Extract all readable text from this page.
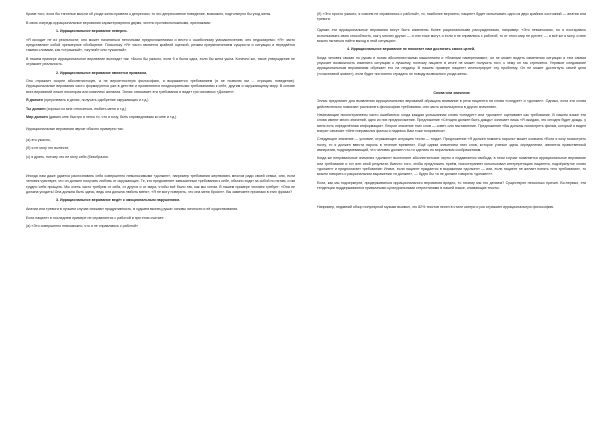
Кроме того, если бы тяготные мысли об уходе жены привели к депрессии, то это депрессивное поведение, возможно, подтолкнуло бы уход жены.

В свою очередь иррациональные верования характеризуются двумя, честно противоположными, признаками:

1. Иррациональное верование неверно.

«Я исходит не из реальности; оно может начинаться неточными предположениями и вести к ошибочному умозаключению; оно недоказуемо; «Я» часто представляет собой чрезмерное обобщение. Поскольку «Я» часто является крайней оценкой, резким преувеличением сущности и ситуации и передаётся такими словами, как «страшный», «жуткий» или «ужасный».

В нашем примере иррациональное верование выглядит так: «Было бы ужасно, если б я была одна, если бы жена ушла. Конечно же, такое утверждение не отражает реальность.

2. Иррациональное верование является приказом.

Оно отражает скорее абсолютистскую, а не вероятностную философию, и выражается требованием (я не позволю им ... отрицать поведение). Иррациональные верования часто формируются уже в детстве и проявляются неоднократными требованиями к себе, другим и окружающему миру. В основе всех верований лежит некоторая или комплекс желания. Эллис описывает эти требования и видит три основных «Должен»:

Я должен (преуспевать в делах, получать одобрение окружающих и т.д.)

Ты должен (хорошо ко мне относиться, любить меня и т.д.)

Мир должен (давать мне быстро и легко то, что я хочу, быть справедливым ко мне и т.д.)

Иррациональные верования звучат обычно примерно так:

(а) это ужасно,

(б) я не могу это вынести,

(с) я дрянь, потому что не могу себя (безобразно.

Иногда нам даже удается распознавать себя совершенно невыносимыми «должен», например требования жертвовать многим ради своей семьи, или, если человек чувствует, что он должен получать любовь от окружающих. Те, кто предъявляет завышенные требования к себе, обычно ходят за собой по пятам, и им трудно себя прощать. Мы очень часто требуем от себя, от других и от мира, чтобы всё было так, как мы хотим. В нашем примере человек требует: «Она не должна уходить! Она должна быть здесь, ведь она должна любить меня», «Я не могу поверить, что она меня бросит». Вы замечаете признаки в этих фразах?

3. Иррациональное верование ведёт к эмоциональным нарушениям.

Апатии или тревоги в лучшем случае снижают продуктивность, в худшем вконец рушат основы личности и её существования.

Если пациент в последнем примере не справляется с работой и при этом считает:

(а) «Это совершенно невозможно, что я не справляюсь с работой»

(б) «Это просто ужасно, я совсем не справляюсь с работой», то, наиболее вероятно, пациент будет испытывать одно из двух крайних состояний — апатии или тревоги.

Однако эти иррациональные верования могут быть изменены более рациональными рассуждениями, например: «Это невыносимо, но я постараюсь использовать свою способность, как у многих других — и они тоже могут, и если я не справлюсь с работой, то от этого мир не рухнет; — и всё же я могу, и мне можно пытаться найти выход в этой ситуации».

4. Иррациональное верование не помогает нам достигать своих целей.

Когда человек связан по рукам и ногам абсолютистскими мышлением и «благими намерениями», он не может видеть изменения ситуации и тем самым упускает возможность изменить ситуацию к лучшему, поэтому пациент в итоге не может получить того, к чему он так стремится. Упрямое следование иррациональным верованиям обрекает его на неудачу. В нашем примере пациент иллюстрирует эту проблему. Он не может достигнуть своей цели («счастливой жизни»), если будет постоянно страдать по поводу возможного ухода жены.

Слова или значения

Эллис предлагает для выявления иррациональных верований обращать внимание в речи пациента на слова «следует» и «должен». Однако, если эти слова действительно помогают распознать философию требования, они часто используются в других значениях.

Начинающие психотерапевты часто ошибаются: когда каждая услышанная слово «следует» или «должен» оценивают как требование. В нашем языке эти слова имеют много значений, одно из них предположение. Предложение «Сегодня должен быть дождь» означает лишь «Я ожидаю, что сегодня будет дождь, у меня есть определённая информация». Второе значение этих слов — совет, или наставление. Предложение «Вы должны посмотреть фильм, который я видел вчера» означает «Мне понравился фильм и надеюсь Вам тоже понравится».

Следующее значение — условие, отражающее ситуацию «если — тогда». Предложение «Я должен помнить пароль» может означать «Если я хочу посмотреть почту, то я должен ввести пароль в течение времени». Ещё одним значением этих слов, которое ученые здесь определение, является нравственный императив, подразумевающий, что человек должен что-то сделать по моральным соображениям.

Когда же неправильные значения «должен» вытесняют абсолютистские черты и подавляется свобода, в этом случае появляется иррациональное верование или требование и тот или иной результат. Вместо того, чтобы предложить приём, психотерапевт использовал интерпретацию пациента, подчёркнутое слово «должен» и предполагает требование: Иначе, если пациент нуждается в выражении «должен» — или, если пациент не желает понять «его требования», то можно говорить о рациональном выражении «я должен», — будто бы «я не должен говорить «должен»».

Если, как мы подчеркнули, придерживаться иррационального верования вредно, то почему мы это делаем? Существуют несколько причин. Во-первых, эти тенденции поддерживаются привычными культуральными стереотипами в нашей языке, снимающих тексты.

Например, недавний обзор популярной музыки выявил, что 82% текстов песен в стиле кантри и рок отражают иррациональную философию.
